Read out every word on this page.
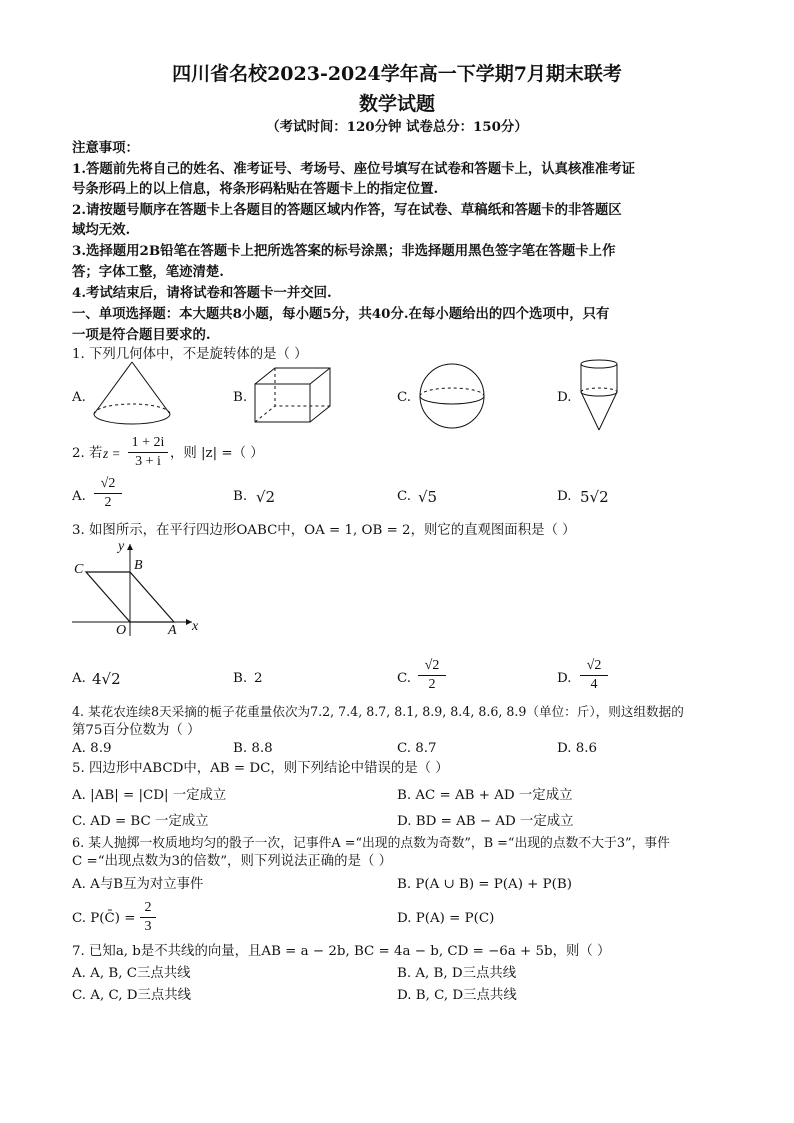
四川省名校2023-2024学年高一下学期7月期末联考
数学试题
（考试时间：120分钟 试卷总分：150分）
注意事项：
1.答题前先将自己的姓名、准考证号、考场号、座位号填写在试卷和答题卡上，认真核准准考证
号条形码上的以上信息，将条形码粘贴在答题卡上的指定位置.
2.请按题号顺序在答题卡上各题目的答题区域内作答，写在试卷、草稿纸和答题卡的非答题区
域均无效.
3.选择题用2B铅笔在答题卡上把所选答案的标号涂黑；非选择题用黑色签字笔在答题卡上作
答；字体工整，笔迹清楚.
4.考试结束后，请将试卷和答题卡一并交回.
一、单项选择题：本大题共8小题，每小题5分，共40分.在每小题给出的四个选项中，只有
一项是符合题目要求的.
1. 下列几何体中，不是旋转体的是（ ）
A.	B.	C.	D.
2. 若 z =
1 + 2i
3 + i
，则 |z| =（ ）
A.
√2
2	B. √2	C. √5	D. 5√2
3. 如图所示，在平行四边形OABC中，OA = 1, OB = 2，则它的直观图面积是（ ）
y
C	B
O	A x
A. 4√2	B. 2	C.
√2
2	D.
√2
4
4. 某花农连续8天采摘的栀子花重量依次为7.2, 7.4, 8.7, 8.1, 8.9, 8.4, 8.6, 8.9（单位：斤），则这组数据的
第75百分位数为（ ）
A. 8.9	B. 8.8	C. 8.7	D. 8.6
5. 四边形中ABCD中，AB = DC，则下列结论中错误的是（ ）
A. |AB| = |CD| 一定成立	B. AC = AB + AD 一定成立
C. AD = BC 一定成立	D. BD = AB − AD 一定成立
6. 某人抛掷一枚质地均匀的骰子一次，记事件A =“出现的点数为奇数”，B =“出现的点数不大于3”，事件
C =“出现点数为3的倍数”，则下列说法正确的是（ ）
A. A与B互为对立事件	B. P(A ∪ B) = P(A) + P(B)
C. P(C̄) =
2
3
D. P(A) = P(C)
7. 已知a, b是不共线的向量，且AB = a − 2b, BC = 4a − b, CD = −6a + 5b，则（ ）
A. A, B, C三点共线	B. A, B, D三点共线
C. A, C, D三点共线	D. B, C, D三点共线
